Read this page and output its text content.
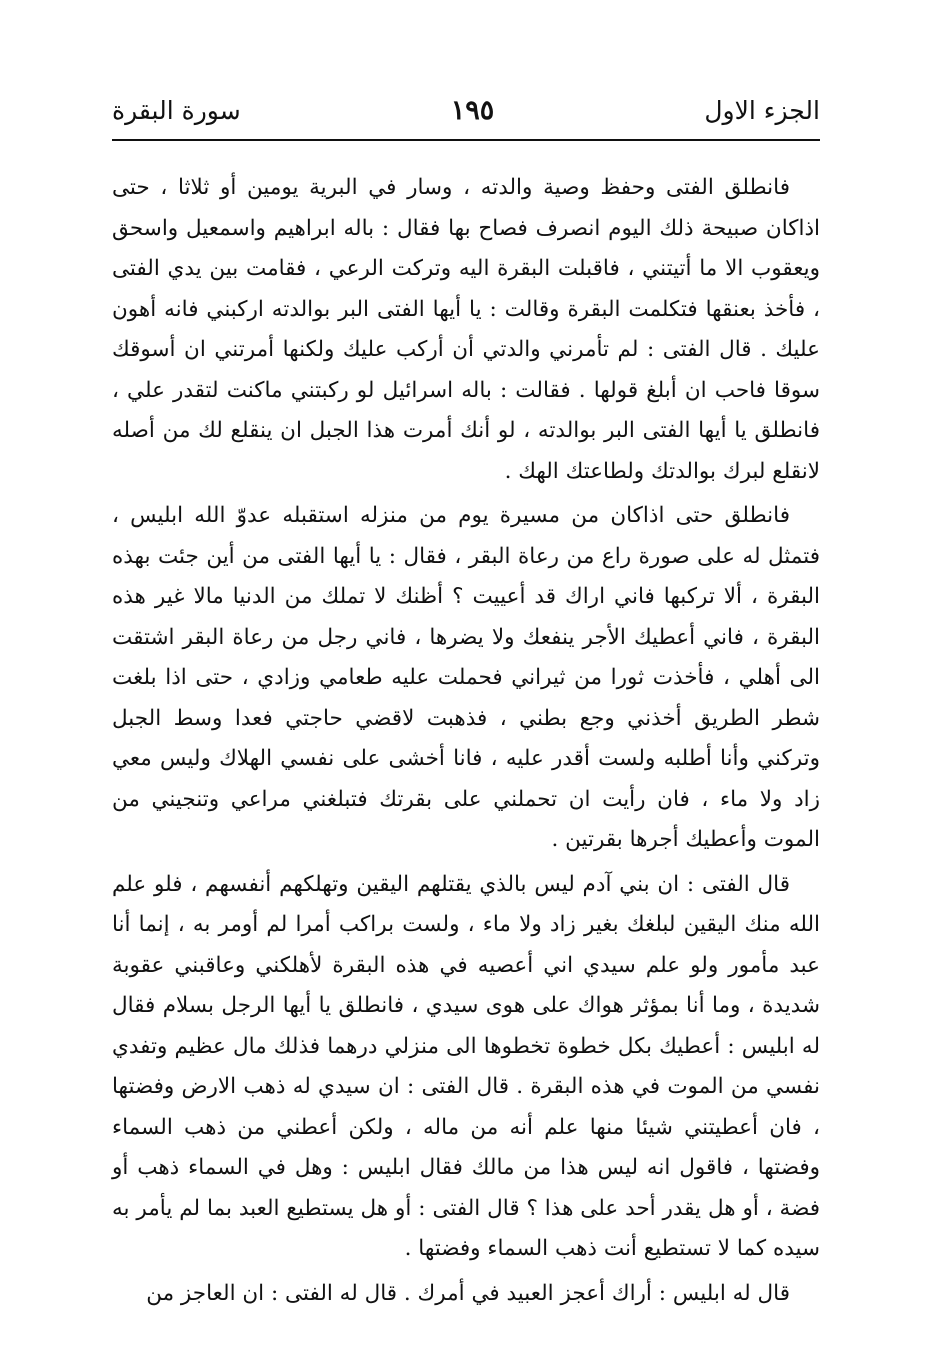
الجزء الاول
١٩٥
سورة البقرة

فانطلق الفتى وحفظ وصية والدته ، وسار في البرية يومين أو ثلاثا ، حتى اذاكان صبيحة ذلك اليوم انصرف فصاح بها فقال : باله ابراهيم واسمعيل واسحق ويعقوب الا ما أتيتني ، فاقبلت البقرة اليه وتركت الرعي ، فقامت بين يدي الفتى ، فأخذ بعنقها فتكلمت البقرة وقالت : يا أيها الفتى البر بوالدته اركبني فانه أهون عليك . قال الفتى : لم تأمرني والدتي أن أركب عليك ولكنها أمرتني ان أسوقك سوقا فاحب ان أبلغ قولها . فقالت : باله اسرائيل لو ركبتني ماكنت لتقدر علي ، فانطلق يا أيها الفتى البر بوالدته ، لو أنك أمرت هذا الجبل ان ينقلع لك من أصله لانقلع لبرك بوالدتك ولطاعتك الهك .

فانطلق حتى اذاكان من مسيرة يوم من منزله استقبله عدوّ الله ابليس ، فتمثل له على صورة راع من رعاة البقر ، فقال : يا أيها الفتى من أين جئت بهذه البقرة ، ألا تركبها فاني اراك قد أعييت ؟ أظنك لا تملك من الدنيا مالا غير هذه البقرة ، فاني أعطيك الأجر ينفعك ولا يضرها ، فاني رجل من رعاة البقر اشتقت الى أهلي ، فأخذت ثورا من ثيراني فحملت عليه طعامي وزادي ، حتى اذا بلغت شطر الطريق أخذني وجع بطني ، فذهبت لاقضي حاجتي فعدا وسط الجبل وتركني وأنا أطلبه ولست أقدر عليه ، فانا أخشى على نفسي الهلاك وليس معي زاد ولا ماء ، فان رأيت ان تحملني على بقرتك فتبلغني مراعي وتنجيني من الموت وأعطيك أجرها بقرتين .

قال الفتى : ان بني آدم ليس بالذي يقتلهم اليقين وتهلكهم أنفسهم ، فلو علم الله منك اليقين لبلغك بغير زاد ولا ماء ، ولست براكب أمرا لم أومر به ، إنما أنا عبد مأمور ولو علم سيدي اني أعصيه في هذه البقرة لأهلكني وعاقبني عقوبة شديدة ، وما أنا بمؤثر هواك على هوى سيدي ، فانطلق يا أيها الرجل بسلام فقال له ابليس : أعطيك بكل خطوة تخطوها الى منزلي درهما فذلك مال عظيم وتفدي نفسي من الموت في هذه البقرة . قال الفتى : ان سيدي له ذهب الارض وفضتها ، فان أعطيتني شيئا منها علم أنه من ماله ، ولكن أعطني من ذهب السماء وفضتها ، فاقول انه ليس هذا من مالك فقال ابليس : وهل في السماء ذهب أو فضة ، أو هل يقدر أحد على هذا ؟ قال الفتى : أو هل يستطيع العبد بما لم يأمر به سيده كما لا تستطيع أنت ذهب السماء وفضتها .

قال له ابليس : أراك أعجز العبيد في أمرك . قال له الفتى : ان العاجز من
